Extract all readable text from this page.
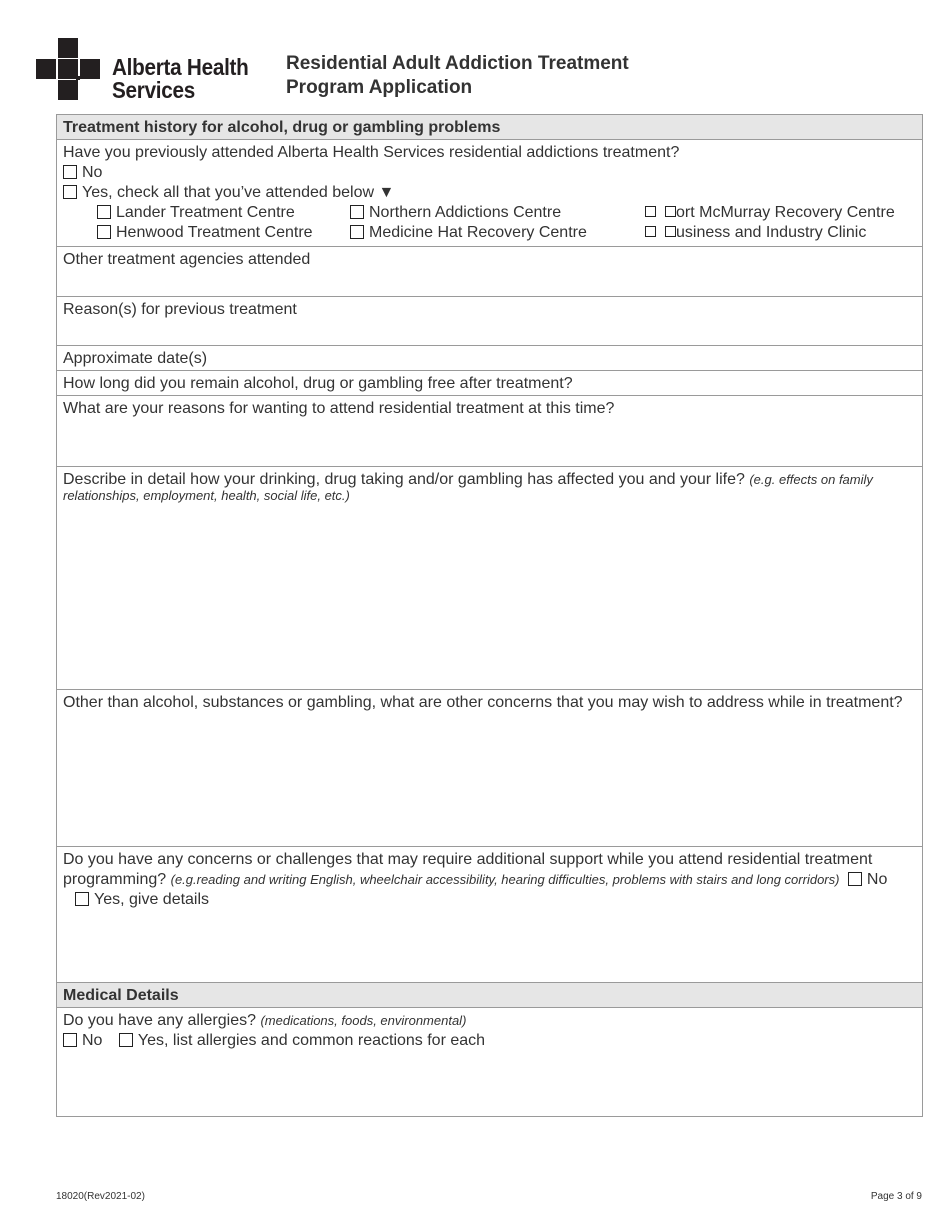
Alberta Health
Services
Residential Adult Addiction Treatment
Program Application
Treatment history for alcohol, drug or gambling problems
Have you previously attended Alberta Health Services residential addictions treatment?
No
Yes, check all that you’ve attended below ▼
Lander Treatment Centre	Northern Addictions Centre	ort McMurray Recovery Centre
Henwood Treatment Centre	Medicine Hat Recovery Centre	usiness and Industry Clinic
Other treatment agencies attended
Reason(s) for previous treatment
Approximate date(s)
How long did you remain alcohol, drug or gambling free after treatment?
What are your reasons for wanting to attend residential treatment at this time?
Describe in detail how your drinking, drug taking and/or gambling has affected you and your life? (e.g. effects on family relationships, employment, health, social life, etc.)
Other than alcohol, substances or gambling, what are other concerns that you may wish to address while in treatment?
Do you have any concerns or challenges that may require additional support while you attend residential treatment programming? (e.g.reading and writing English, wheelchair accessibility, hearing difficulties, problems with stairs and long corridors) No Yes, give details
Medical Details
Do you have any allergies? (medications, foods, environmental)
No Yes, list allergies and common reactions for each
18020(Rev2021-02)	Page 3 of 9
